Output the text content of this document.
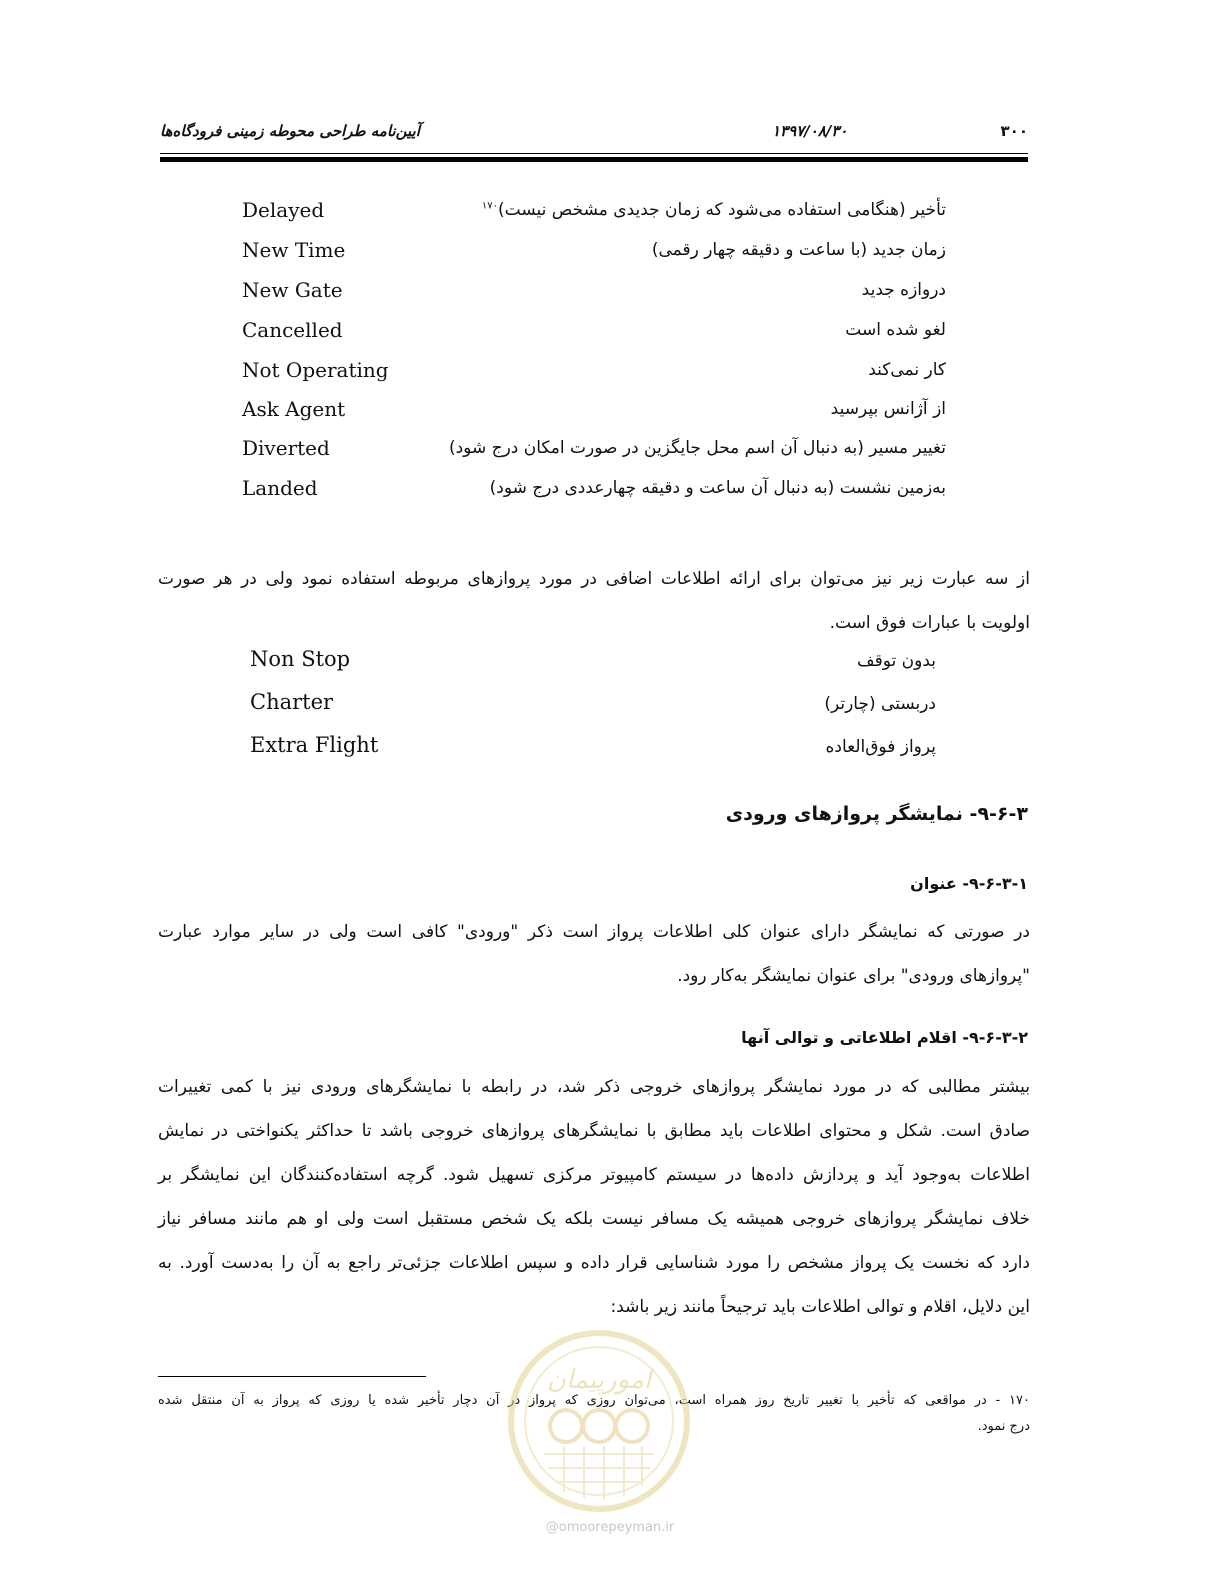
آیین‌نامه طراحی محوطه زمینی فرودگاه‌ها	۱۳۹۷/۰۸/۳۰	۳۰۰
Delayed	تأخیر (هنگامی استفاده می‌شود که زمان جدیدی مشخص نیست)$^{۱۷۰}$
New Time	زمان جدید (با ساعت و دقیقه چهار رقمی)
New Gate	دروازه جدید
Cancelled	لغو شده است
Not Operating	کار نمی‌کند
Ask Agent	از آژانس بپرسید
Diverted	تغییر مسیر (به دنبال آن اسم محل جایگزین در صورت امکان درج شود)
Landed	به‌زمین نشست (به دنبال آن ساعت و دقیقه چهارعددی درج شود)
از سه عبارت زیر نیز می‌توان برای ارائه اطلاعات اضافی در مورد پروازهای مربوطه استفاده نمود ولی در هر صورت
اولویت با عبارات فوق است.
Non Stop	بدون توقف
Charter	دربستی (چارتر)
Extra Flight	پرواز فوق‌العاده
۹-۶-۳- نمایشگر پروازهای ورودی
۹-۶-۳-۱- عنوان
در صورتی که نمایشگر دارای عنوان کلی اطلاعات پرواز است ذکر "ورودی" کافی است ولی در سایر موارد عبارت
"پروازهای ورودی" برای عنوان نمایشگر به‌کار رود.
۹-۶-۳-۲- اقلام اطلاعاتی و توالی آنها
بیشتر مطالبی که در مورد نمایشگر پروازهای خروجی ذکر شد، در رابطه با نمایشگرهای ورودی نیز با کمی تغییرات
صادق است. شکل و محتوای اطلاعات باید مطابق با نمایشگرهای پروازهای خروجی باشد تا حداکثر یکنواختی در نمایش
اطلاعات به‌وجود آید و پردازش داده‌ها در سیستم کامپیوتر مرکزی تسهیل شود. گرچه استفاده‌کنندگان این نمایشگر بر
خلاف نمایشگر پروازهای خروجی همیشه یک مسافر نیست بلکه یک شخص مستقبل است ولی او هم مانند مسافر نیاز
دارد که نخست یک پرواز مشخص را مورد شناسایی قرار داده و سپس اطلاعات جزئی‌تر راجع به آن را به‌دست آورد. به
این دلایل، اقلام و توالی اطلاعات باید ترجیحاً مانند زیر باشد:
۱۷۰ - در مواقعی که تأخیر با تغییر تاریخ روز همراه است، می‌توان روزی که پرواز در آن دچار تأخیر شده یا روزی که پرواز به آن منتقل شده
درج نمود.
امورپیمان
@omoorepeyman.ir
